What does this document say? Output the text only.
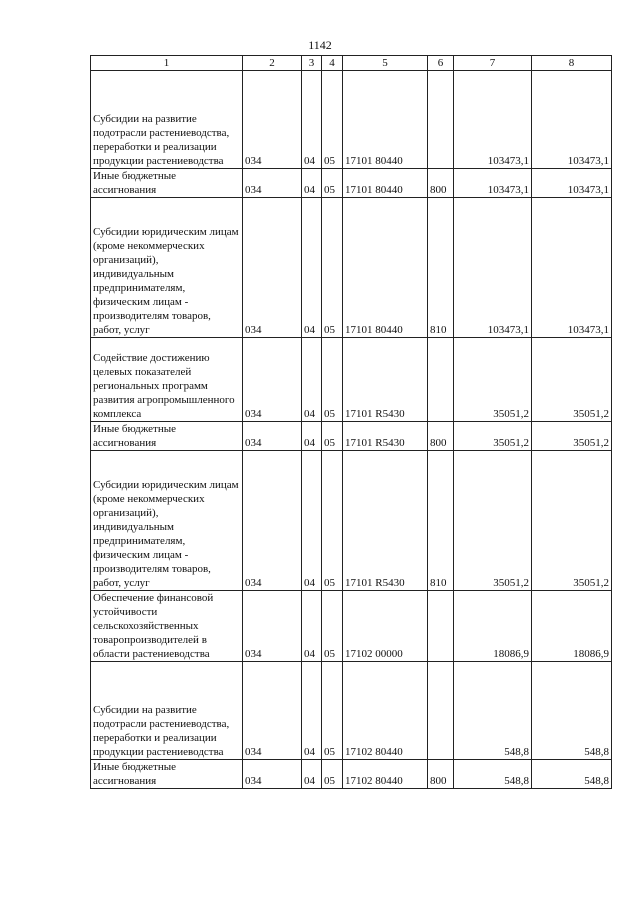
1142
1	2	3	4	5	6	7	8
Субсидии на развитие подотрасли растениеводства, переработки и реализации продукции растениеводства	034	04	05	17101 80440		103473,1	103473,1
Иные бюджетные ассигнования	034	04	05	17101 80440	800	103473,1	103473,1
Субсидии юридическим лицам (кроме некоммерческих организаций), индивидуальным предпринимателям, физическим лицам - производителям товаров, работ, услуг	034	04	05	17101 80440	810	103473,1	103473,1
Содействие достижению целевых показателей региональных программ развития агропромышленного комплекса	034	04	05	17101 R5430		35051,2	35051,2
Иные бюджетные ассигнования	034	04	05	17101 R5430	800	35051,2	35051,2
Субсидии юридическим лицам (кроме некоммерческих организаций), индивидуальным предпринимателям, физическим лицам - производителям товаров, работ, услуг	034	04	05	17101 R5430	810	35051,2	35051,2
Обеспечение финансовой устойчивости сельскохозяйственных товаропроизводителей в области растениеводства	034	04	05	17102 00000		18086,9	18086,9
Субсидии на развитие подотрасли растениеводства, переработки и реализации продукции растениеводства	034	04	05	17102 80440		548,8	548,8
Иные бюджетные ассигнования	034	04	05	17102 80440	800	548,8	548,8
